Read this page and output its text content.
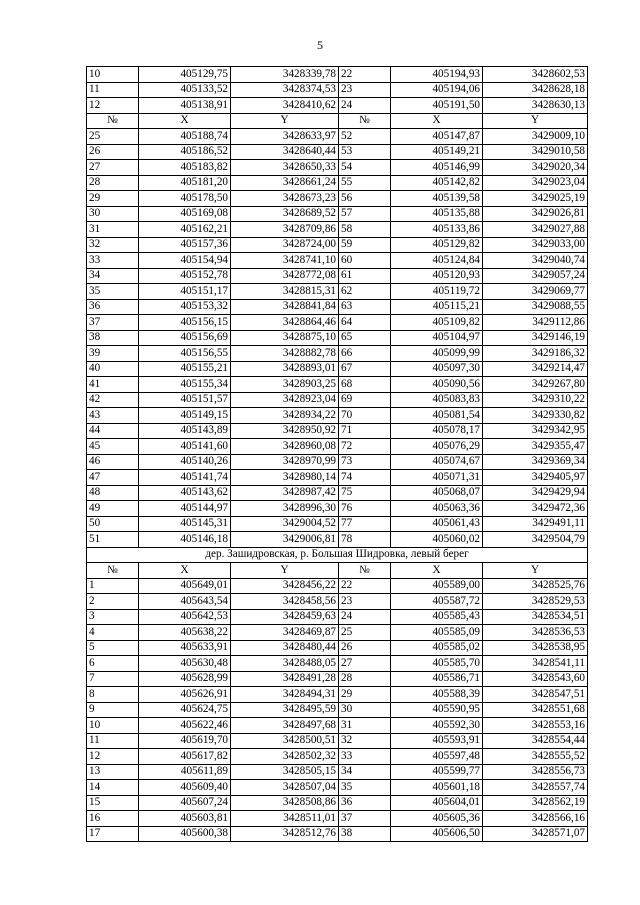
5
10	405129,75	3428339,78	22	405194,93	3428602,53
11	405133,52	3428374,53	23	405194,06	3428628,18
12	405138,91	3428410,62	24	405191,50	3428630,13
№	X	Y	№	X	Y
25	405188,74	3428633,97	52	405147,87	3429009,10
26	405186,52	3428640,44	53	405149,21	3429010,58
27	405183,82	3428650,33	54	405146,99	3429020,34
28	405181,20	3428661,24	55	405142,82	3429023,04
29	405178,50	3428673,23	56	405139,58	3429025,19
30	405169,08	3428689,52	57	405135,88	3429026,81
31	405162,21	3428709,86	58	405133,86	3429027,88
32	405157,36	3428724,00	59	405129,82	3429033,00
33	405154,94	3428741,10	60	405124,84	3429040,74
34	405152,78	3428772,08	61	405120,93	3429057,24
35	405151,17	3428815,31	62	405119,72	3429069,77
36	405153,32	3428841,84	63	405115,21	3429088,55
37	405156,15	3428864,46	64	405109,82	3429112,86
38	405156,69	3428875,10	65	405104,97	3429146,19
39	405156,55	3428882,78	66	405099,99	3429186,32
40	405155,21	3428893,01	67	405097,30	3429214,47
41	405155,34	3428903,25	68	405090,56	3429267,80
42	405151,57	3428923,04	69	405083,83	3429310,22
43	405149,15	3428934,22	70	405081,54	3429330,82
44	405143,89	3428950,92	71	405078,17	3429342,95
45	405141,60	3428960,08	72	405076,29	3429355,47
46	405140,26	3428970,99	73	405074,67	3429369,34
47	405141,74	3428980,14	74	405071,31	3429405,97
48	405143,62	3428987,42	75	405068,07	3429429,94
49	405144,97	3428996,30	76	405063,36	3429472,36
50	405145,31	3429004,52	77	405061,43	3429491,11
51	405146,18	3429006,81	78	405060,02	3429504,79
дер. Зашидровская, р. Большая Шидровка, левый берег					
№	X	Y	№	X	Y
1	405649,01	3428456,22	22	405589,00	3428525,76
2	405643,54	3428458,56	23	405587,72	3428529,53
3	405642,53	3428459,63	24	405585,43	3428534,51
4	405638,22	3428469,87	25	405585,09	3428536,53
5	405633,91	3428480,44	26	405585,02	3428538,95
6	405630,48	3428488,05	27	405585,70	3428541,11
7	405628,99	3428491,28	28	405586,71	3428543,60
8	405626,91	3428494,31	29	405588,39	3428547,51
9	405624,75	3428495,59	30	405590,95	3428551,68
10	405622,46	3428497,68	31	405592,30	3428553,16
11	405619,70	3428500,51	32	405593,91	3428554,44
12	405617,82	3428502,32	33	405597,48	3428555,52
13	405611,89	3428505,15	34	405599,77	3428556,73
14	405609,40	3428507,04	35	405601,18	3428557,74
15	405607,24	3428508,86	36	405604,01	3428562,19
16	405603,81	3428511,01	37	405605,36	3428566,16
17	405600,38	3428512,76	38	405606,50	3428571,07
